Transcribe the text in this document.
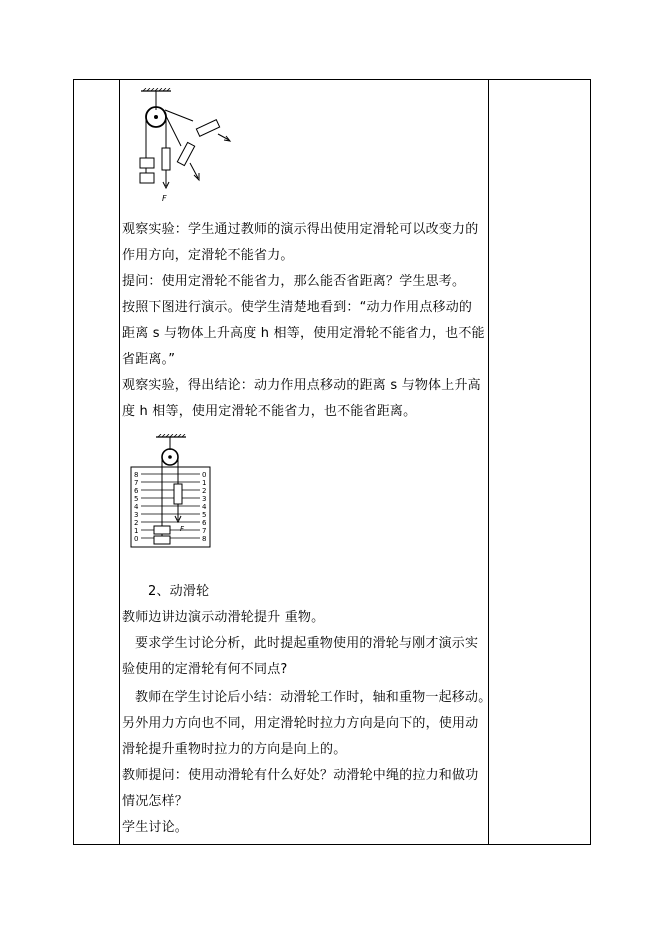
F
观察实验：学生通过教师的演示得出使用定滑轮可以改变力的
作用方向，定滑轮不能省力。
提问：使用定滑轮不能省力，那么能否省距离？学生思考。
按照下图进行演示。使学生清楚地看到：“动力作用点移动的
距离 s 与物体上升高度 h 相等，使用定滑轮不能省力，也不能
省距离。”
观察实验，得出结论：动力作用点移动的距离 s 与物体上升高
度 h 相等，使用定滑轮不能省力，也不能省距离。
8
7
6
5
4
3
2
1
0
0
1
2
3
4
5
6
7
8
F
2、动滑轮
教师边讲边演示动滑轮提升 重物。
要求学生讨论分析，此时提起重物使用的滑轮与刚才演示实
验使用的定滑轮有何不同点?
教师在学生讨论后小结：动滑轮工作时，轴和重物一起移动。
另外用力方向也不同，用定滑轮时拉力方向是向下的，使用动
滑轮提升重物时拉力的方向是向上的。
教师提问：使用动滑轮有什么好处？动滑轮中绳的拉力和做功
情况怎样？
学生讨论。
